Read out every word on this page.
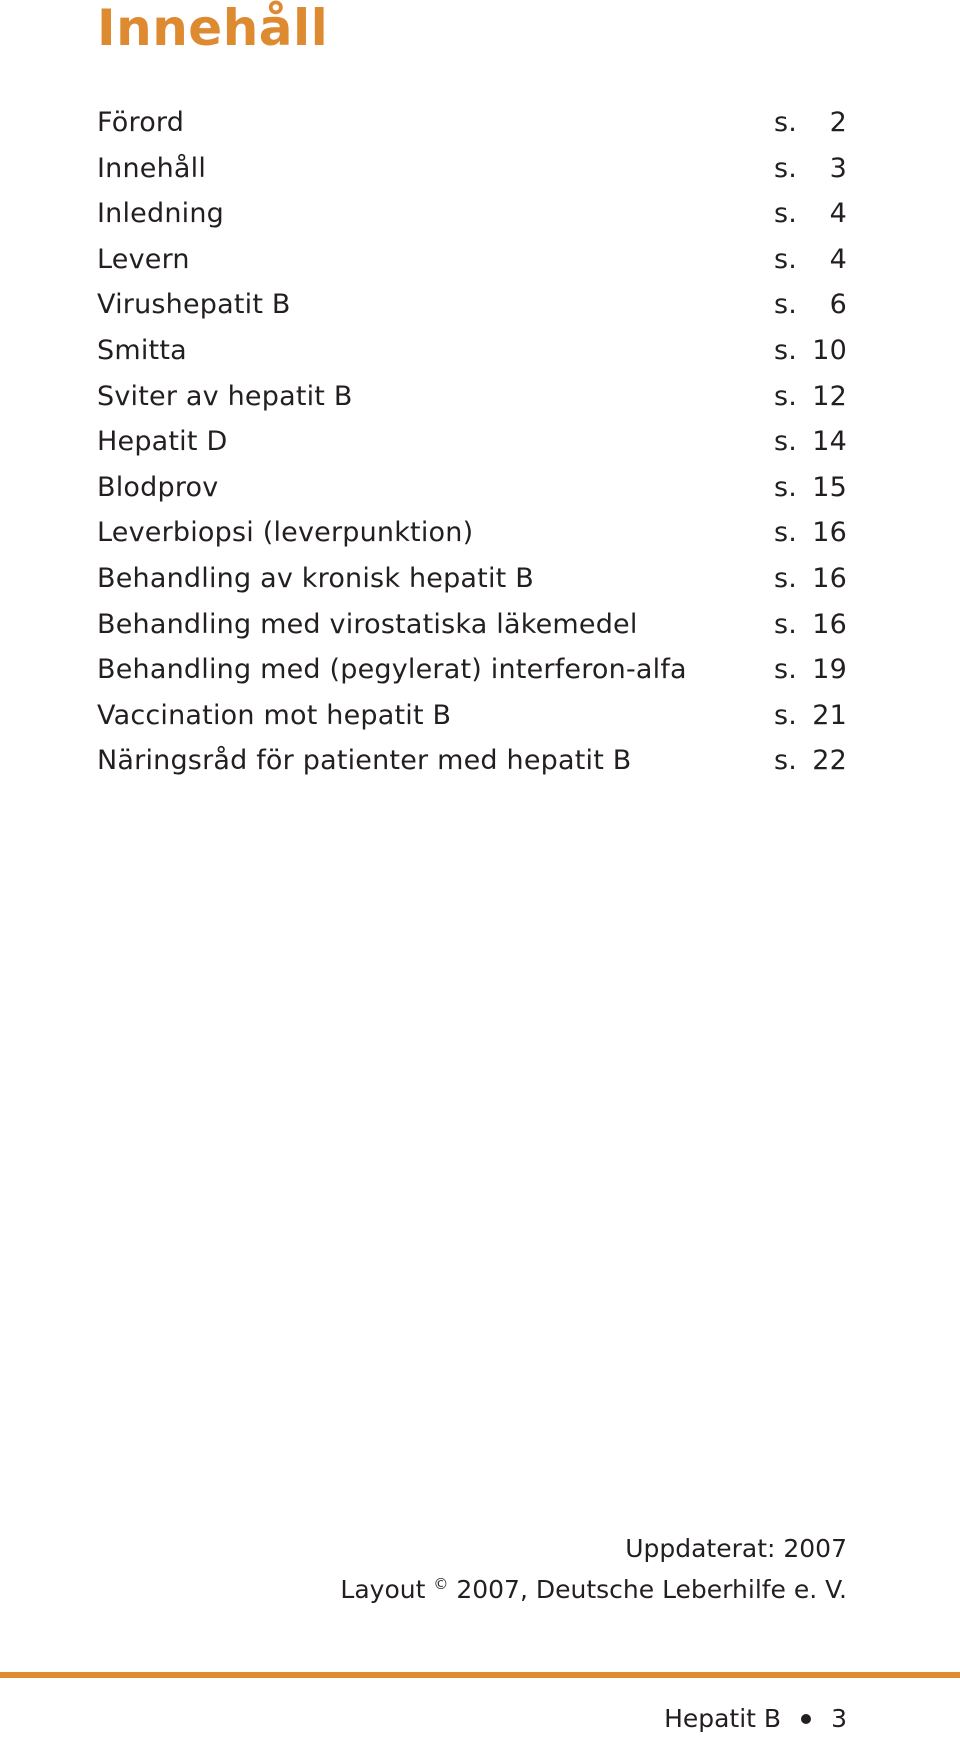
Innehåll
Förord	s. 2
Innehåll	s. 3
Inledning	s. 4
Levern	s. 4
Virushepatit B	s. 6
Smitta	s. 10
Sviter av hepatit B	s. 12
Hepatit D	s. 14
Blodprov	s. 15
Leverbiopsi (leverpunktion)	s. 16
Behandling av kronisk hepatit B	s. 16
Behandling med virostatiska läkemedel	s. 16
Behandling med (pegylerat) interferon-alfa	s. 19
Vaccination mot hepatit B	s. 21
Näringsråd för patienter med hepatit B	s. 22
Uppdaterat: 2007
Layout © 2007, Deutsche Leberhilfe e. V.
Hepatit B 3
